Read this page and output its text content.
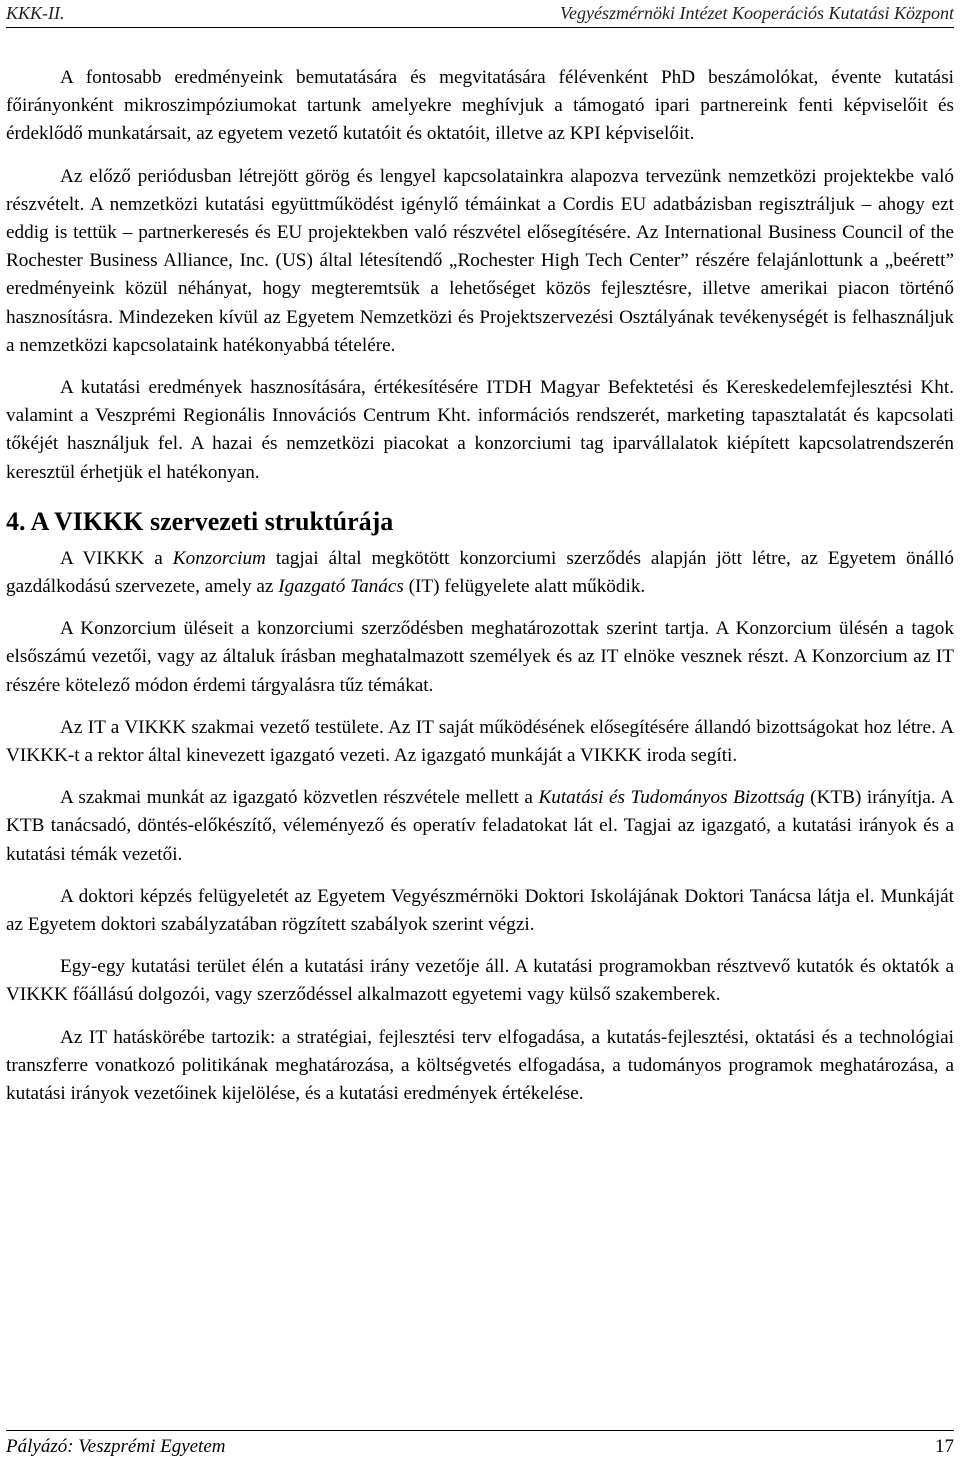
KKK-II.	Vegyészmérnöki Intézet Kooperációs Kutatási Központ

A fontosabb eredményeink bemutatására és megvitatására félévenként PhD beszámolókat, évente kutatási főirányonként mikroszimpóziumokat tartunk amelyekre meghívjuk a támogató ipari partnereink fenti képviselőit és érdeklődő munkatársait, az egyetem vezető kutatóit és oktatóit, illetve az KPI képviselőit.

Az előző periódusban létrejött görög és lengyel kapcsolatainkra alapozva tervezünk nemzetközi projektekbe való részvételt. A nemzetközi kutatási együttműködést igénylő témáinkat a Cordis EU adatbázisban regisztráljuk – ahogy ezt eddig is tettük – partnerkeresés és EU projektekben való részvétel elősegítésére. Az International Business Council of the Rochester Business Alliance, Inc. (US) által létesítendő „Rochester High Tech Center” részére felajánlottunk a „beérett” eredményeink közül néhányat, hogy megteremtsük a lehetőséget közös fejlesztésre, illetve amerikai piacon történő hasznosításra. Mindezeken kívül az Egyetem Nemzetközi és Projektszervezési Osztályának tevékenységét is felhasználjuk a nemzetközi kapcsolataink hatékonyabbá tételére.

A kutatási eredmények hasznosítására, értékesítésére ITDH Magyar Befektetési és Kereskedelemfejlesztési Kht. valamint a Veszprémi Regionális Innovációs Centrum Kht. információs rendszerét, marketing tapasztalatát és kapcsolati tőkéjét használjuk fel. A hazai és nemzetközi piacokat a konzorciumi tag iparvállalatok kiépített kapcsolatrendszerén keresztül érhetjük el hatékonyan.

4. A VIKKK szervezeti struktúrája

A VIKKK a Konzorcium tagjai által megkötött konzorciumi szerződés alapján jött létre, az Egyetem önálló gazdálkodású szervezete, amely az Igazgató Tanács (IT) felügyelete alatt működik.

A Konzorcium üléseit a konzorciumi szerződésben meghatározottak szerint tartja. A Konzorcium ülésén a tagok elsőszámú vezetői, vagy az általuk írásban meghatalmazott személyek és az IT elnöke vesznek részt. A Konzorcium az IT részére kötelező módon érdemi tárgyalásra tűz témákat.

Az IT a VIKKK szakmai vezető testülete. Az IT saját működésének elősegítésére állandó bizottságokat hoz létre. A VIKKK-t a rektor által kinevezett igazgató vezeti. Az igazgató munkáját a VIKKK iroda segíti.

A szakmai munkát az igazgató közvetlen részvétele mellett a Kutatási és Tudományos Bizottság (KTB) irányítja. A KTB tanácsadó, döntés-előkészítő, véleményező és operatív feladatokat lát el. Tagjai az igazgató, a kutatási irányok és a kutatási témák vezetői.

A doktori képzés felügyeletét az Egyetem Vegyészmérnöki Doktori Iskolájának Doktori Tanácsa látja el. Munkáját az Egyetem doktori szabályzatában rögzített szabályok szerint végzi.

Egy-egy kutatási terület élén a kutatási irány vezetője áll. A kutatási programokban résztvevő kutatók és oktatók a VIKKK főállású dolgozói, vagy szerződéssel alkalmazott egyetemi vagy külső szakemberek.

Az IT hatáskörébe tartozik: a stratégiai, fejlesztési terv elfogadása, a kutatás-fejlesztési, oktatási és a technológiai transzferre vonatkozó politikának meghatározása, a költségvetés elfogadása, a tudományos programok meghatározása, a kutatási irányok vezetőinek kijelölése, és a kutatási eredmények értékelése.

Pályázó: Veszprémi Egyetem	17
